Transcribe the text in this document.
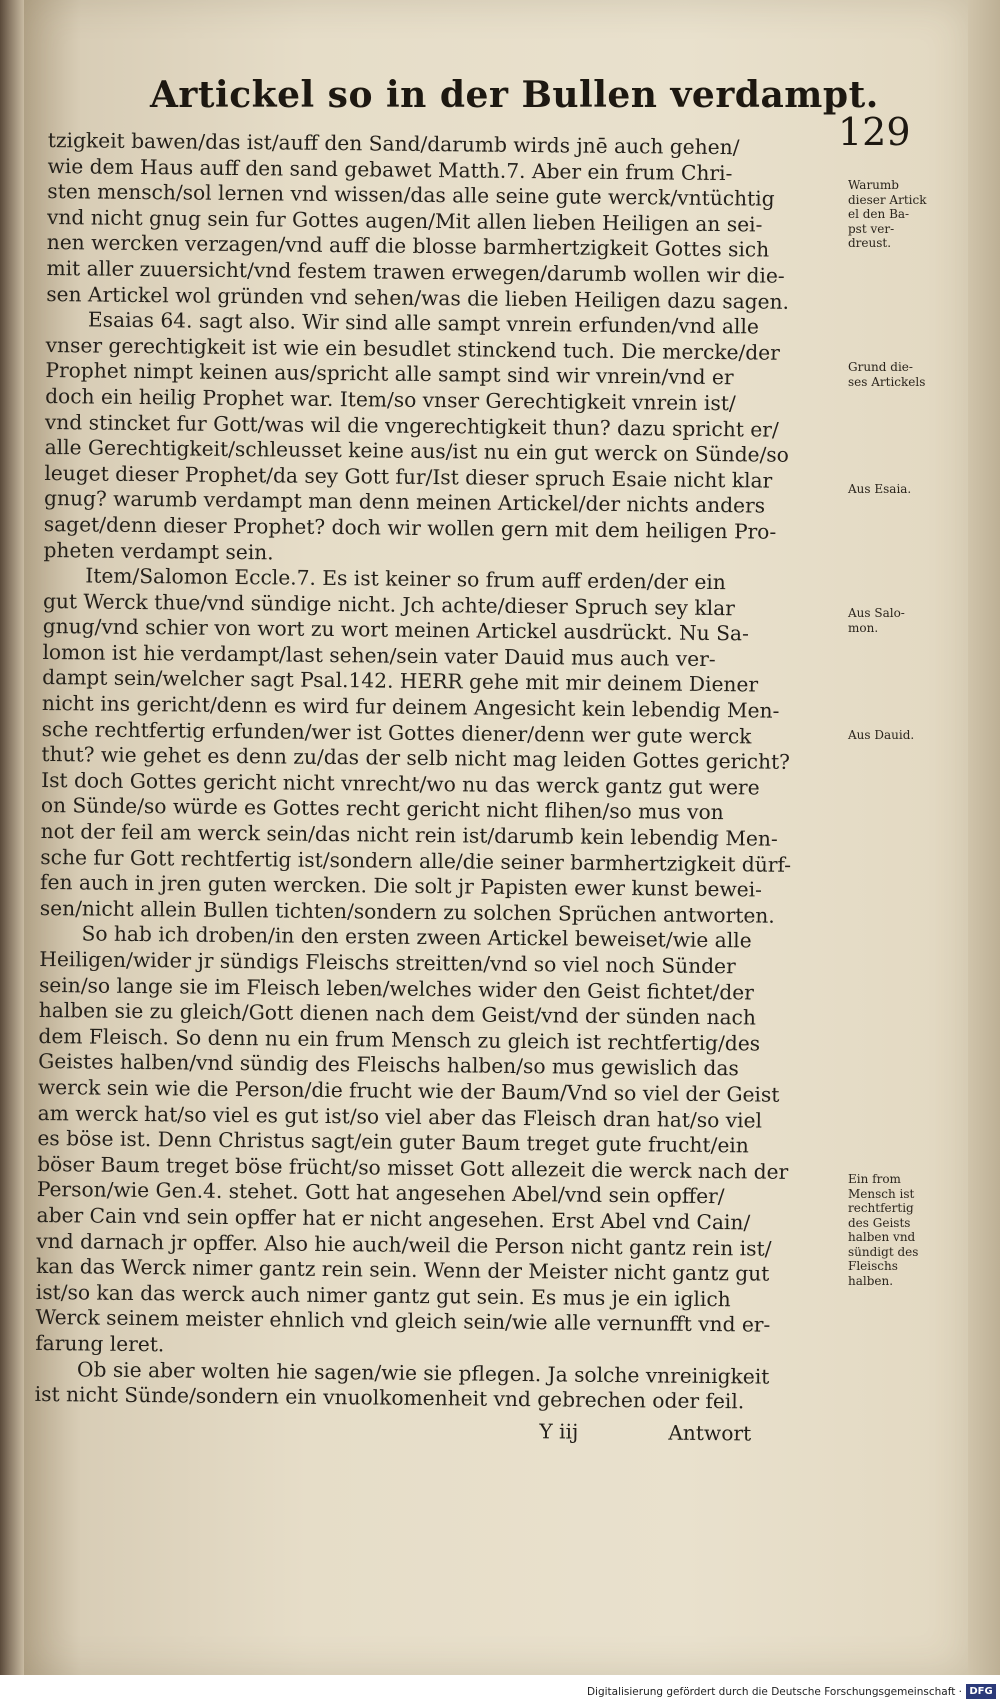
Warumb
dieser Artick
el den Ba-
pst ver-
dreust.
Grund die-
ses Artickels
Aus Esaia.
Aus Salo-
mon.
Aus Dauid.
Ein from
Mensch ist
rechtfertig
des Geists
halben vnd
sündigt des
Fleischs
halben.
Artickel so in der Bullen verdampt.
129
tzigkeit bawen/das ist/auff den Sand/darumb wirds jnē auch gehen/
wie dem Haus auff den sand gebawet Matth.7. Aber ein frum Chri-
sten mensch/sol lernen vnd wissen/das alle seine gute werck/vntüchtig
vnd nicht gnug sein fur Gottes augen/Mit allen lieben Heiligen an sei-
nen wercken verzagen/vnd auff die blosse barmhertzigkeit Gottes sich
mit aller zuuersicht/vnd festem trawen erwegen/darumb wollen wir die-
sen Artickel wol gründen vnd sehen/was die lieben Heiligen dazu sagen.
Esaias 64. sagt also. Wir sind alle sampt vnrein erfunden/vnd alle
vnser gerechtigkeit ist wie ein besudlet stinckend tuch. Die mercke/der
Prophet nimpt keinen aus/spricht alle sampt sind wir vnrein/vnd er
doch ein heilig Prophet war. Item/so vnser Gerechtigkeit vnrein ist/
vnd stincket fur Gott/was wil die vngerechtigkeit thun? dazu spricht er/
alle Gerechtigkeit/schleusset keine aus/ist nu ein gut werck on Sünde/so
leuget dieser Prophet/da sey Gott fur/Ist dieser spruch Esaie nicht klar
gnug? warumb verdampt man denn meinen Artickel/der nichts anders
saget/denn dieser Prophet? doch wir wollen gern mit dem heiligen Pro-
pheten verdampt sein.
Item/Salomon Eccle.7. Es ist keiner so frum auff erden/der ein
gut Werck thue/vnd sündige nicht. Jch achte/dieser Spruch sey klar
gnug/vnd schier von wort zu wort meinen Artickel ausdrückt. Nu Sa-
lomon ist hie verdampt/last sehen/sein vater Dauid mus auch ver-
dampt sein/welcher sagt Psal.142. HERR gehe mit mir deinem Diener
nicht ins gericht/denn es wird fur deinem Angesicht kein lebendig Men-
sche rechtfertig erfunden/wer ist Gottes diener/denn wer gute werck
thut? wie gehet es denn zu/das der selb nicht mag leiden Gottes gericht?
Ist doch Gottes gericht nicht vnrecht/wo nu das werck gantz gut were
on Sünde/so würde es Gottes recht gericht nicht flihen/so mus von
not der feil am werck sein/das nicht rein ist/darumb kein lebendig Men-
sche fur Gott rechtfertig ist/sondern alle/die seiner barmhertzigkeit dürf-
fen auch in jren guten wercken. Die solt jr Papisten ewer kunst bewei-
sen/nicht allein Bullen tichten/sondern zu solchen Sprüchen antworten.
So hab ich droben/in den ersten zween Artickel beweiset/wie alle
Heiligen/wider jr sündigs Fleischs streitten/vnd so viel noch Sünder
sein/so lange sie im Fleisch leben/welches wider den Geist fichtet/der
halben sie zu gleich/Gott dienen nach dem Geist/vnd der sünden nach
dem Fleisch. So denn nu ein frum Mensch zu gleich ist rechtfertig/des
Geistes halben/vnd sündig des Fleischs halben/so mus gewislich das
werck sein wie die Person/die frucht wie der Baum/Vnd so viel der Geist
am werck hat/so viel es gut ist/so viel aber das Fleisch dran hat/so viel
es böse ist. Denn Christus sagt/ein guter Baum treget gute frucht/ein
böser Baum treget böse frücht/so misset Gott allezeit die werck nach der
Person/wie Gen.4. stehet. Gott hat angesehen Abel/vnd sein opffer/
aber Cain vnd sein opffer hat er nicht angesehen. Erst Abel vnd Cain/
vnd darnach jr opffer. Also hie auch/weil die Person nicht gantz rein ist/
kan das Werck nimer gantz rein sein. Wenn der Meister nicht gantz gut
ist/so kan das werck auch nimer gantz gut sein. Es mus je ein iglich
Werck seinem meister ehnlich vnd gleich sein/wie alle vernunfft vnd er-
farung leret.
Ob sie aber wolten hie sagen/wie sie pflegen. Ja solche vnreinigkeit
ist nicht Sünde/sondern ein vnuolkomenheit vnd gebrechen oder feil.
Y iij	Antwort
Digitalisierung gefördert durch die Deutsche Forschungsgemeinschaft · DFG
